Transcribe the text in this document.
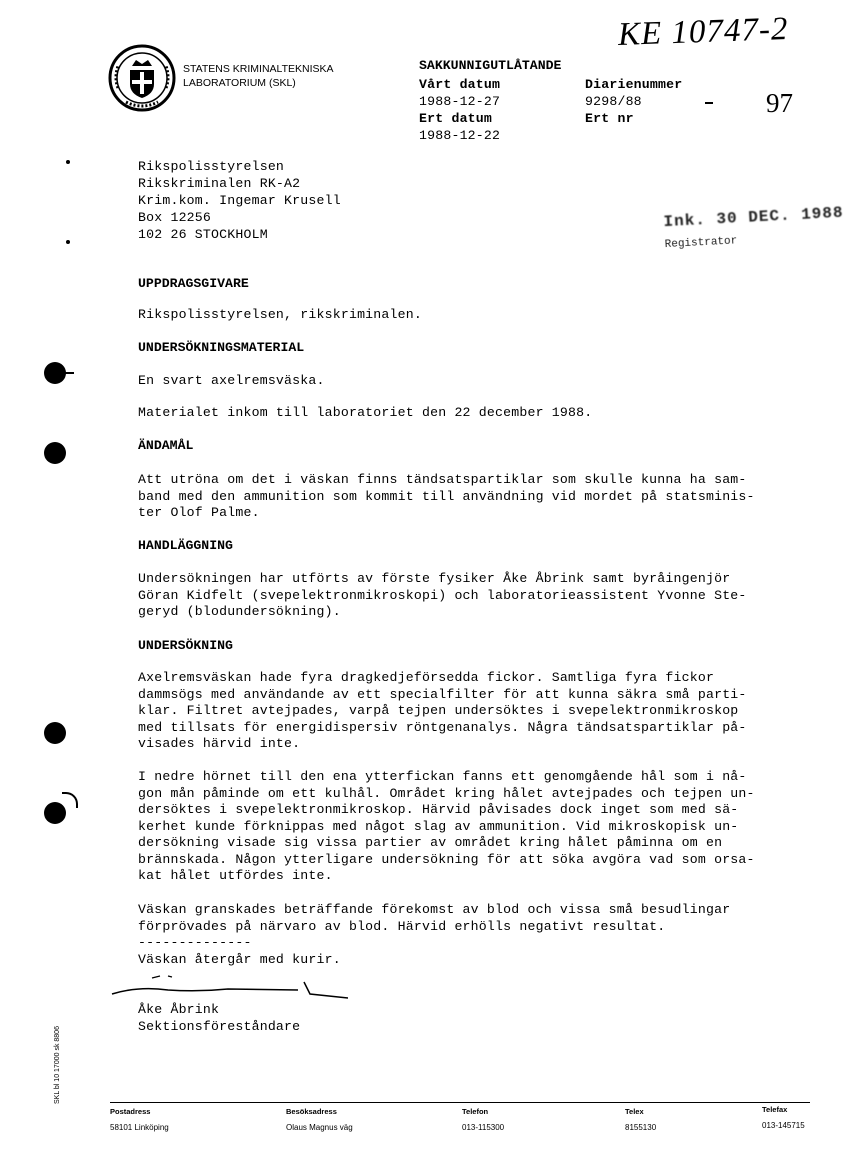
KE 10747-2
97
STATENS KRIMINALTEKNISKA
LABORATORIUM (SKL)
SAKKUNNIGUTLÅTANDE
Vårt datum
1988-12-27
Ert datum
1988-12-22
Diarienummer
9298/88
Ert nr
Rikspolisstyrelsen
Rikskriminalen RK-A2
Krim.kom. Ingemar Krusell
Box 12256
102 26 STOCKHOLM
Ink. 30 DEC. 1988
Registrator
UPPDRAGSGIVARE
Rikspolisstyrelsen, rikskriminalen.
UNDERSÖKNINGSMATERIAL
En svart axelremsväska.
Materialet inkom till laboratoriet den 22 december 1988.
ÄNDAMÅL
Att utröna om det i väskan finns tändsatspartiklar som skulle kunna ha sam-
band med den ammunition som kommit till användning vid mordet på statsminis-
ter Olof Palme.
HANDLÄGGNING
Undersökningen har utförts av förste fysiker Åke Åbrink samt byråingenjör
Göran Kidfelt (svepelektronmikroskopi) och laboratorieassistent Yvonne Ste-
geryd (blodundersökning).
UNDERSÖKNING
Axelremsväskan hade fyra dragkedjeförsedda fickor. Samtliga fyra fickor
dammsögs med användande av ett specialfilter för att kunna säkra små parti-
klar. Filtret avtejpades, varpå tejpen undersöktes i svepelektronmikroskop
med tillsats för energidispersiv röntgenanalys. Några tändsatspartiklar på-
visades härvid inte.
I nedre hörnet till den ena ytterfickan fanns ett genomgående hål som i nå-
gon mån påminde om ett kulhål. Området kring hålet avtejpades och tejpen un-
dersöktes i svepelektronmikroskop. Härvid påvisades dock inget som med sä-
kerhet kunde förknippas med något slag av ammunition. Vid mikroskopisk un-
dersökning visade sig vissa partier av området kring hålet påminna om en
brännskada. Någon ytterligare undersökning för att söka avgöra vad som orsa-
kat hålet utfördes inte.
Väskan granskades beträffande förekomst av blod och vissa små besudlingar
förprövades på närvaro av blod. Härvid erhölls negativt resultat.
--------------
Väskan återgår med kurir.
Åke Åbrink
Sektionsföreståndare
SKL bl 10 17000 sk 8806
Postadress
58101 Linköping
Besöksadress
Olaus Magnus väg
Telefon
013-115300
Telex
8155130
Telefax
013-145715
